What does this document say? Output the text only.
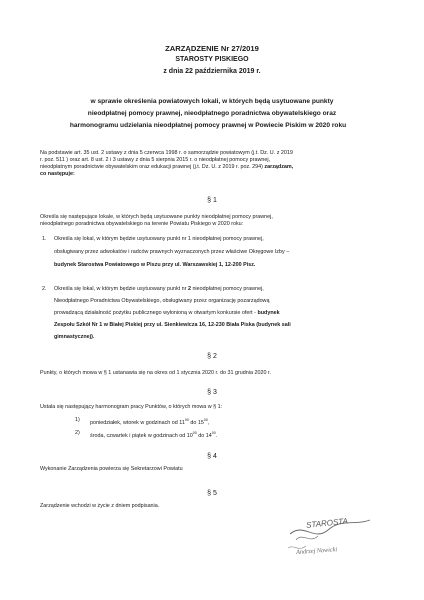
ZARZĄDZENIE Nr 27/2019
STAROSTY PISKIEGO
z dnia 22 października 2019 r.
w sprawie określenia powiatowych lokali, w których będą usytuowane punkty
nieodpłatnej pomocy prawnej, nieodpłatnego poradnictwa obywatelskiego oraz
harmonogramu udzielania nieodpłatnej pomocy prawnej w Powiecie Piskim w 2020 roku
Na podstawie art. 35 ust. 2 ustawy z dnia 5 czerwca 1998 r. o samorządzie powiatowym (j.t. Dz. U. z 2019
r. poz. 511 ) oraz art. 8 ust. 2 i 3 ustawy z dnia 5 sierpnia 2015 r. o nieodpłatnej pomocy prawnej,
nieodpłatnym poradnictwie obywatelskim oraz edukacji prawnej (j.t. Dz. U. z 2019 r. poz. 294) zarządzam,
co następuje:
§ 1
Określa się następujące lokale, w których będą usytuowane punkty nieodpłatnej pomocy prawnej,
nieodpłatnego poradnictwa obywatelskiego na terenie Powiatu Piskiego w 2020 roku:
1. Określa się lokal, w którym będzie usytuowany punkt nr 1 nieodpłatnej pomocy prawnej,
obsługiwany przez adwokatów i radców prawnych wyznaczonych przez właściwe Okręgowe Izby –
budynek Starostwa Powiatowego w Piszu przy ul. Warszawskiej 1, 12-200 Pisz.
2. Określa się lokal, w którym będzie usytuowany punkt nr 2 nieodpłatnej pomocy prawnej,
Nieodpłatnego Poradnictwa Obywatelskiego, obsługiwany przez organizację pozarządową
prowadzącą działalność pożytku publicznego wyłonioną w otwartym konkursie ofert - budynek
Zespołu Szkół Nr 1 w Białej Piskiej przy ul. Sienkiewicza 16, 12-230 Biała Piska (budynek sali
gimnastycznej).
§ 2
Punkty, o których mowa w § 1 ustanawia się na okres od 1 stycznia 2020 r. do 31 grudnia 2020 r.
§ 3
Ustala się następujący harmonogram pracy Punktów, o których mowa w § 1:
1) poniedziałek, wtorek w godzinach od $11^{00}$ do $15^{00}$,
2) środa, czwartek i piątek w godzinach od $10^{00}$ do $14^{00}$.
§ 4
Wykonanie Zarządzenia powierza się Sekretarzowi Powiatu
§ 5
Zarządzenie wchodzi w życie z dniem podpisania.
STAROSTA
Andrzej Nowicki
